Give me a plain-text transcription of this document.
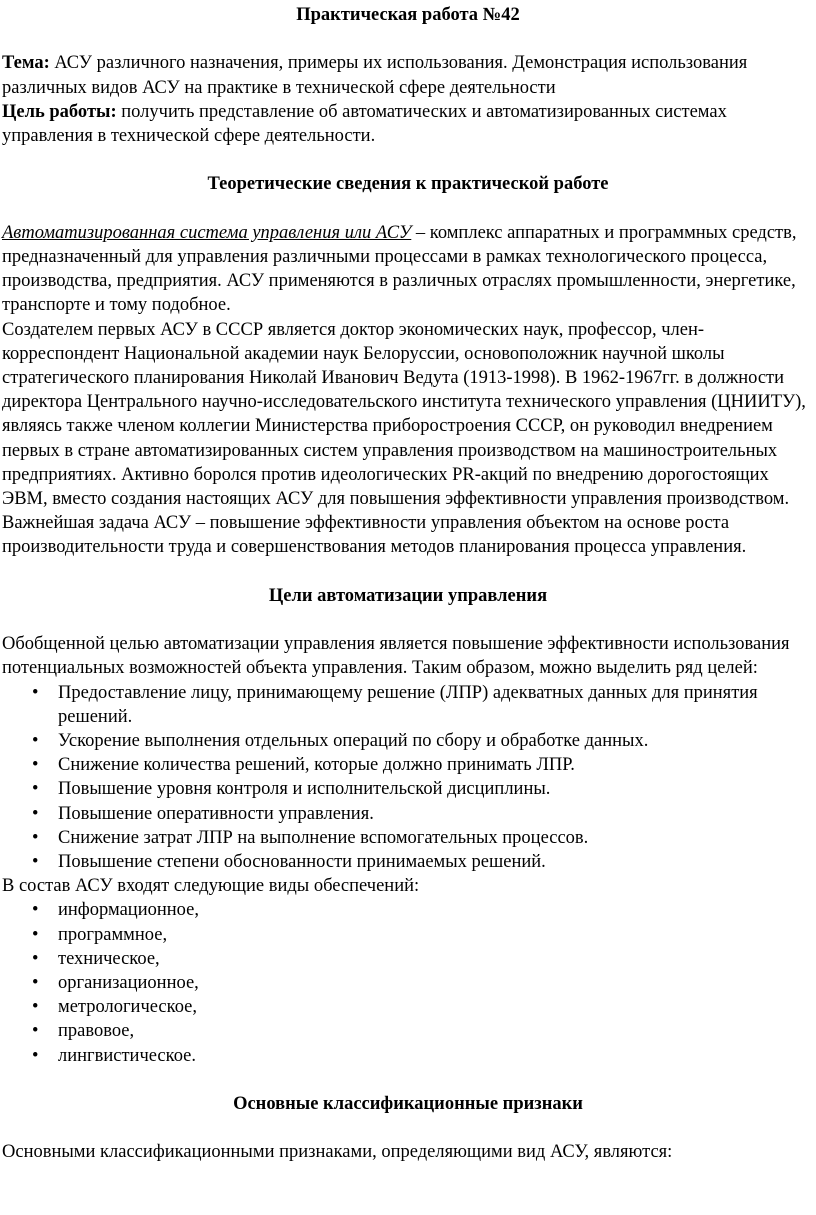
Практическая работа №42

Тема: АСУ различного назначения, примеры их использования. Демонстрация использования различных видов АСУ на практике в технической сфере деятельности

Цель работы: получить представление об автоматических и автоматизированных системах управления в технической сфере деятельности.

Теоретические сведения к практической работе

Автоматизированная система управления или АСУ – комплекс аппаратных и программных средств, предназначенный для управления различными процессами в рамках технологического процесса, производства, предприятия. АСУ применяются в различных отраслях промышленности, энергетике, транспорте и тому подобное.

Создателем первых АСУ в СССР является доктор экономических наук, профессор, член-корреспондент Национальной академии наук Белоруссии, основоположник научной школы стратегического планирования Николай Иванович Ведута (1913-1998). В 1962-1967гг. в должности директора Центрального научно-исследовательского института технического управления (ЦНИИТУ), являясь также членом коллегии Министерства приборостроения СССР, он руководил внедрением первых в стране автоматизированных систем управления производством на машиностроительных предприятиях. Активно боролся против идеологических PR-акций по внедрению дорогостоящих ЭВМ, вместо создания настоящих АСУ для повышения эффективности управления производством.

Важнейшая задача АСУ – повышение эффективности управления объектом на основе роста производительности труда и совершенствования методов планирования процесса управления.

Цели автоматизации управления

Обобщенной целью автоматизации управления является повышение эффективности использования потенциальных возможностей объекта управления. Таким образом, можно выделить ряд целей:

• Предоставление лицу, принимающему решение (ЛПР) адекватных данных для принятия решений.
• Ускорение выполнения отдельных операций по сбору и обработке данных.
• Снижение количества решений, которые должно принимать ЛПР.
• Повышение уровня контроля и исполнительской дисциплины.
• Повышение оперативности управления.
• Снижение затрат ЛПР на выполнение вспомогательных процессов.
• Повышение степени обоснованности принимаемых решений.

В состав АСУ входят следующие виды обеспечений:

• информационное,
• программное,
• техническое,
• организационное,
• метрологическое,
• правовое,
• лингвистическое.
Основные классификационные признаки

Основными классификационными признаками, определяющими вид АСУ, являются:
